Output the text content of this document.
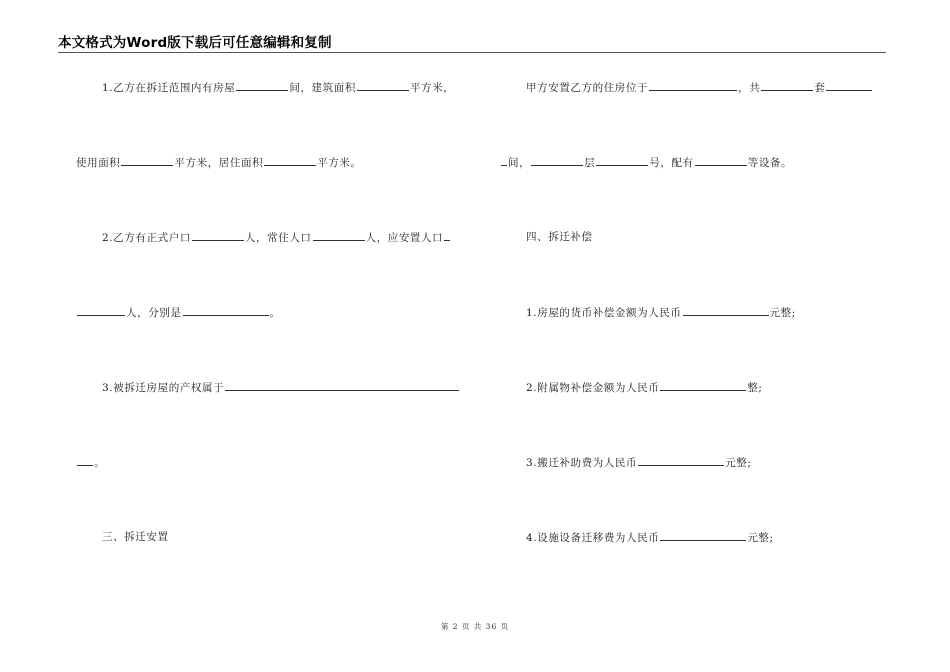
本文格式为Word版下载后可任意编辑和复制
1.乙方在拆迁范围内有房屋	间，建筑面积	平方米，
使用面积	平方米，居住面积	平方米。
2.乙方有正式户口	人，常住人口	人，应安置人口
人，分别是	。
3.被拆迁房屋的产权属于
。
三、拆迁安置
甲方安置乙方的住房位于	，共	套
间，	层	号，配有	等设备。
四、拆迁补偿
1.房屋的货币补偿金额为人民币	元整;
2.附属物补偿金额为人民币	整;
3.搬迁补助费为人民币	元整;
4.设施设备迁移费为人民币	元整;
第 2 页 共 36 页
